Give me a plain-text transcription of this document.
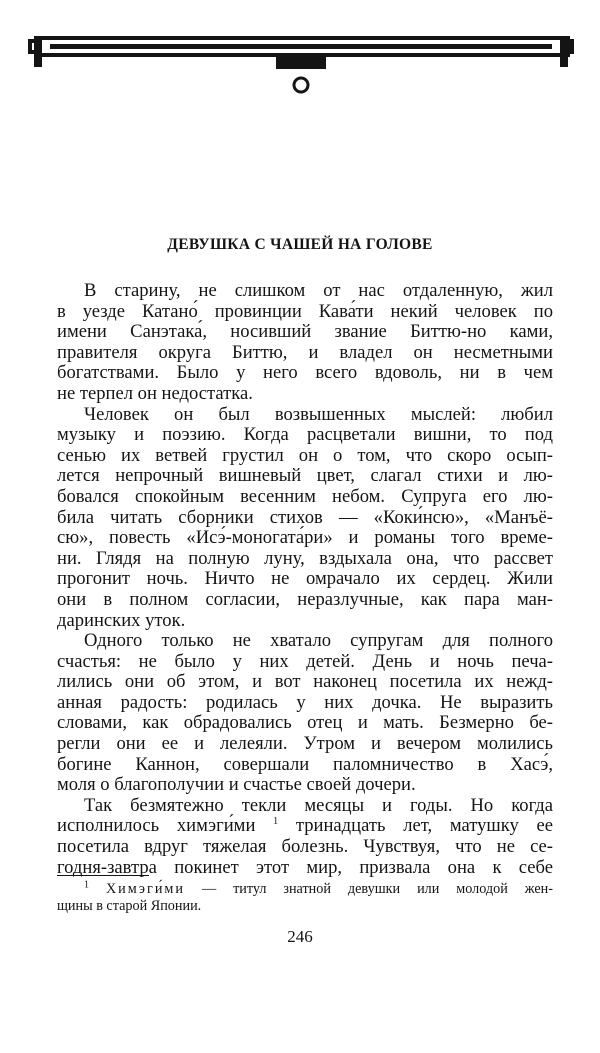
ДЕВУШКА С ЧАШЕЙ НА ГОЛОВЕ
В старину, не слишком от нас отдаленную, жил
в уезде Катано́ провинции Кава́ти некий человек по
имени Санэтака́, носивший звание Биттю-но ками,
правителя округа Биттю, и владел он несметными
богатствами. Было у него всего вдоволь, ни в чем
не терпел он недостатка.
Человек он был возвышенных мыслей: любил
музыку и поэзию. Когда расцветали вишни, то под
сенью их ветвей грустил он о том, что скоро осып-
лется непрочный вишневый цвет, слагал стихи и лю-
бовался спокойным весенним небом. Супруга его лю-
била читать сборники стихов — «Коки́нсю», «Манъё-
сю», повесть «Исэ́-моногата́ри» и романы того време-
ни. Глядя на полную луну, вздыхала она, что рассвет
прогонит ночь. Ничто не омрачало их сердец. Жили
они в полном согласии, неразлучные, как пара ман-
даринских уток.
Одного только не хватало супругам для полного
счастья: не было у них детей. День и ночь печа-
лились они об этом, и вот наконец посетила их нежд-
анная радость: родилась у них дочка. Не выразить
словами, как обрадовались отец и мать. Безмерно бе-
регли они ее и лелеяли. Утром и вечером молились
богине Каннон, совершали паломничество в Хасэ́,
моля о благополучии и счастье своей дочери.
Так безмятежно текли месяцы и годы. Но когда
исполнилось химэги́ми $^1$ тринадцать лет, матушку ее
посетила вдруг тяжелая болезнь. Чувствуя, что не се-
годня-завтра покинет этот мир, призвала она к себе
$^1$ Химэги́ми — титул знатной девушки или молодой жен-
щины в старой Японии.
246
